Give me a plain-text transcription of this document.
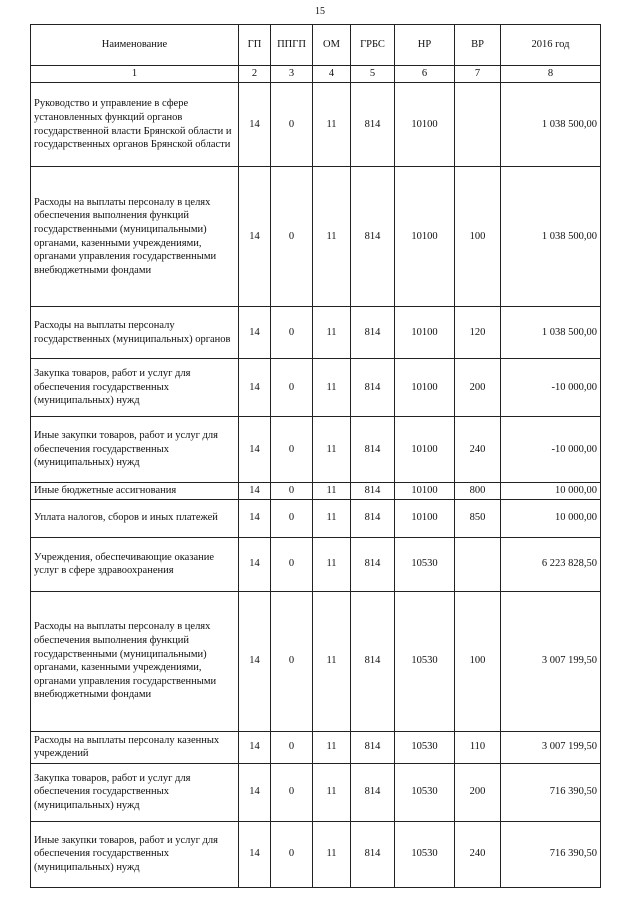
15
Наименование	ГП	ППГП	ОМ	ГРБС	НР	ВР	2016 год
1	2	3	4	5	6	7	8
Руководство и управление в сфере установленных функций органов государственной власти Брянской области и государственных органов Брянской области	14	0	11	814	10100		1 038 500,00
Расходы на выплаты персоналу в целях обеспечения выполнения функций государственными (муниципальными) органами, казенными учреждениями, органами управления государственными внебюджетными фондами	14	0	11	814	10100	100	1 038 500,00
Расходы на выплаты персоналу государственных (муниципальных) органов	14	0	11	814	10100	120	1 038 500,00
Закупка товаров, работ и услуг для обеспечения государственных (муниципальных) нужд	14	0	11	814	10100	200	-10 000,00
Иные закупки товаров, работ и услуг для обеспечения государственных (муниципальных) нужд	14	0	11	814	10100	240	-10 000,00
Иные бюджетные ассигнования	14	0	11	814	10100	800	10 000,00
Уплата налогов, сборов и иных платежей	14	0	11	814	10100	850	10 000,00
Учреждения, обеспечивающие оказание услуг в сфере здравоохранения	14	0	11	814	10530		6 223 828,50
Расходы на выплаты персоналу в целях обеспечения выполнения функций государственными (муниципальными) органами, казенными учреждениями, органами управления государственными внебюджетными фондами	14	0	11	814	10530	100	3 007 199,50
Расходы на выплаты персоналу казенных учреждений	14	0	11	814	10530	110	3 007 199,50
Закупка товаров, работ и услуг для обеспечения государственных (муниципальных) нужд	14	0	11	814	10530	200	716 390,50
Иные закупки товаров, работ и услуг для обеспечения государственных (муниципальных) нужд	14	0	11	814	10530	240	716 390,50
